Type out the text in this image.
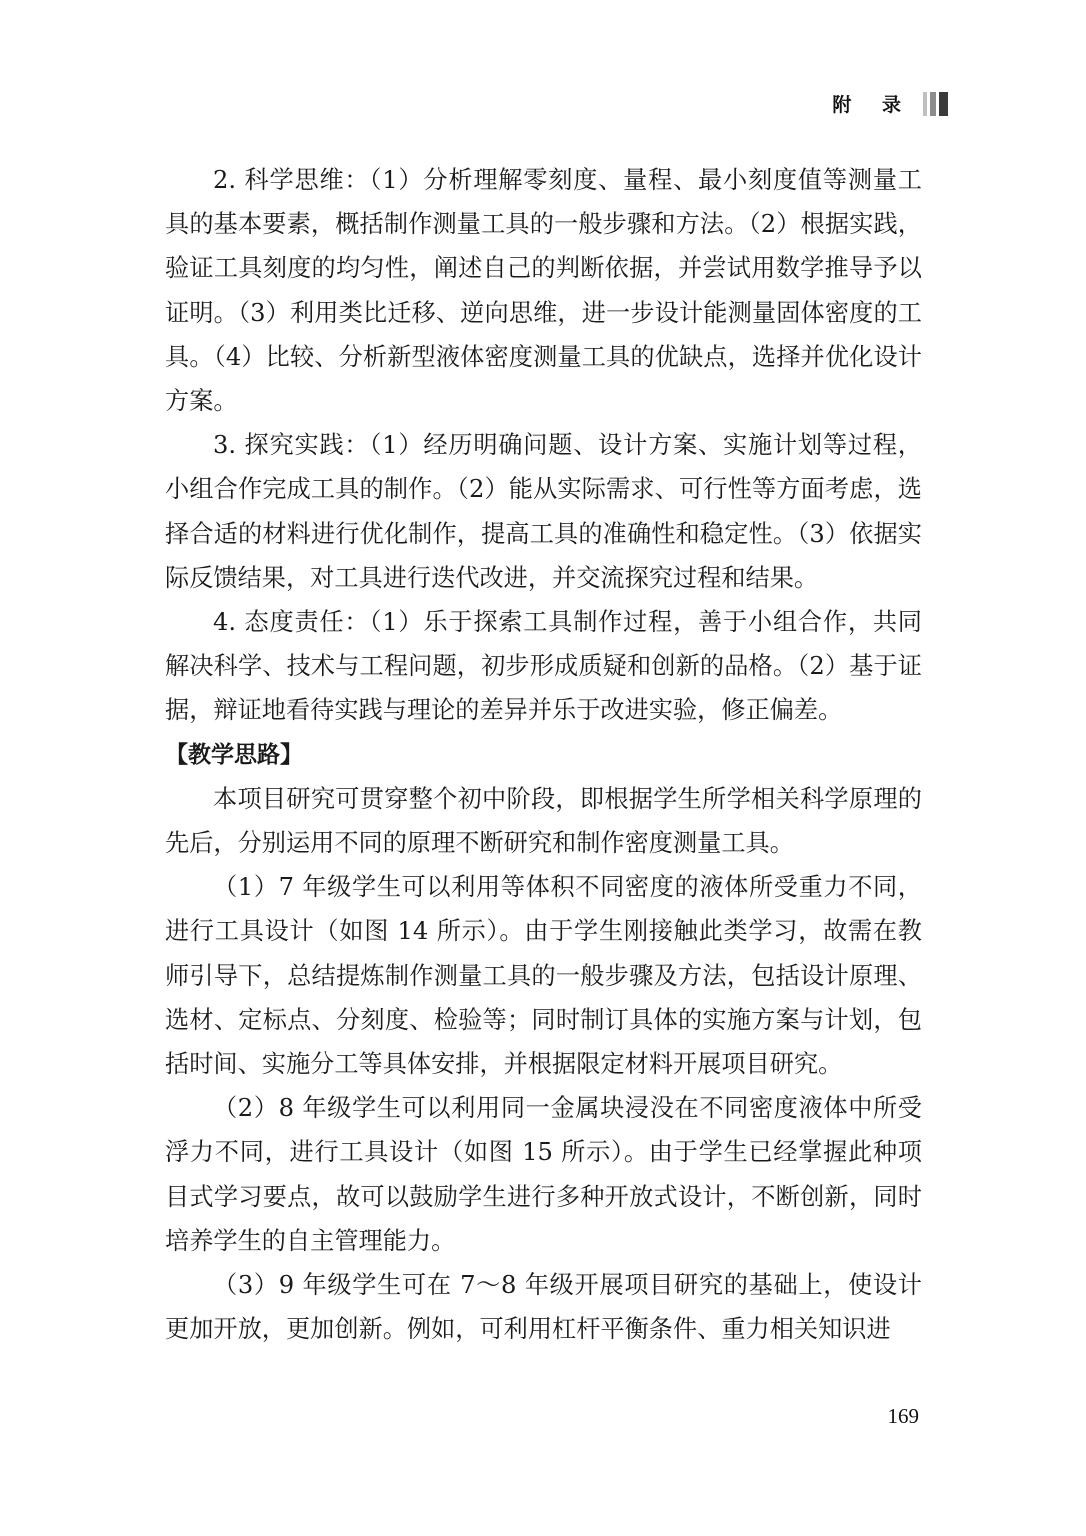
附 录

2. 科学思维：（1）分析理解零刻度、量程、最小刻度值等测量工具的基本要素，概括制作测量工具的一般步骤和方法。（2）根据实践，验证工具刻度的均匀性，阐述自己的判断依据，并尝试用数学推导予以证明。（3）利用类比迁移、逆向思维，进一步设计能测量固体密度的工具。（4）比较、分析新型液体密度测量工具的优缺点，选择并优化设计方案。

3. 探究实践：（1）经历明确问题、设计方案、实施计划等过程，小组合作完成工具的制作。（2）能从实际需求、可行性等方面考虑，选择合适的材料进行优化制作，提高工具的准确性和稳定性。（3）依据实际反馈结果，对工具进行迭代改进，并交流探究过程和结果。

4. 态度责任：（1）乐于探索工具制作过程，善于小组合作，共同解决科学、技术与工程问题，初步形成质疑和创新的品格。（2）基于证据，辩证地看待实践与理论的差异并乐于改进实验，修正偏差。

【教学思路】

本项目研究可贯穿整个初中阶段，即根据学生所学相关科学原理的先后，分别运用不同的原理不断研究和制作密度测量工具。

（1）7 年级学生可以利用等体积不同密度的液体所受重力不同，进行工具设计（如图 14 所示）。由于学生刚接触此类学习，故需在教师引导下，总结提炼制作测量工具的一般步骤及方法，包括设计原理、选材、定标点、分刻度、检验等；同时制订具体的实施方案与计划，包括时间、实施分工等具体安排，并根据限定材料开展项目研究。

（2）8 年级学生可以利用同一金属块浸没在不同密度液体中所受浮力不同，进行工具设计（如图 15 所示）。由于学生已经掌握此种项目式学习要点，故可以鼓励学生进行多种开放式设计，不断创新，同时培养学生的自主管理能力。

（3）9 年级学生可在 7～8 年级开展项目研究的基础上，使设计更加开放，更加创新。例如，可利用杠杆平衡条件、重力相关知识进

169
